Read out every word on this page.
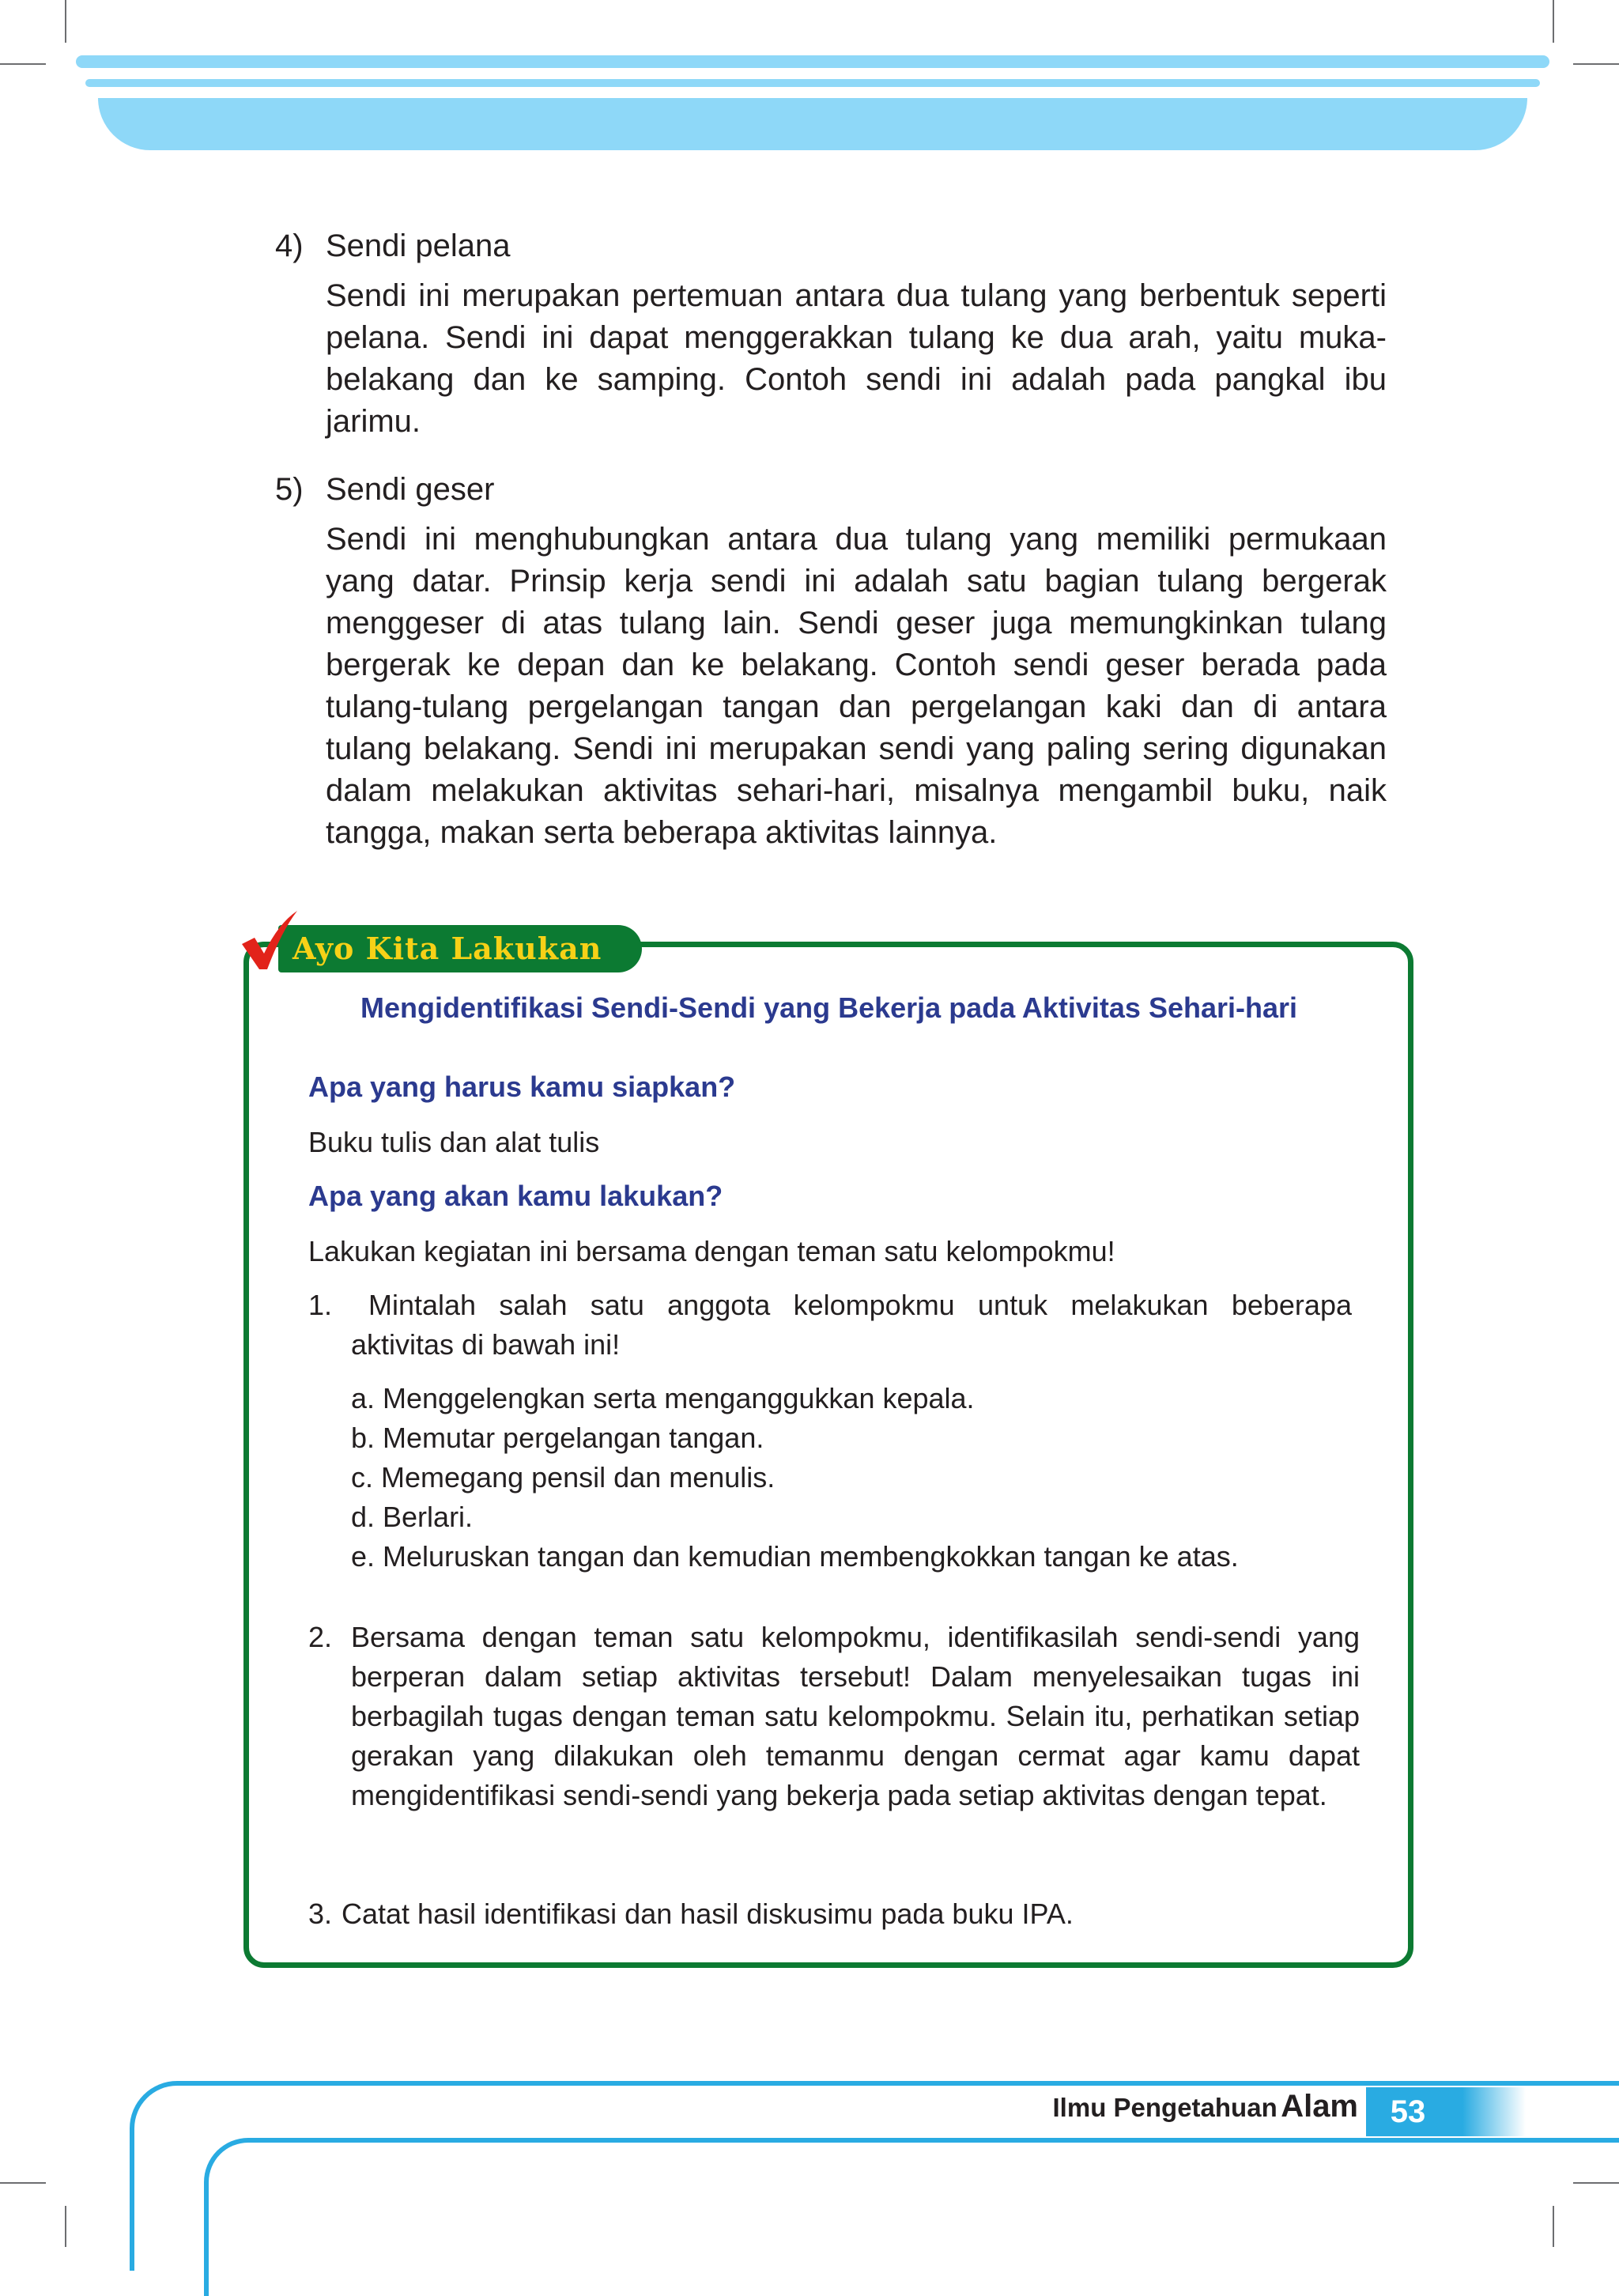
4) Sendi pelana
Sendi ini merupakan pertemuan antara dua tulang yang berbentuk seperti pelana. Sendi ini dapat menggerakkan tulang ke dua arah, yaitu muka-belakang dan ke samping. Contoh sendi ini adalah pada pangkal ibu jarimu.
5) Sendi geser
Sendi ini menghubungkan antara dua tulang yang memiliki permukaan yang datar. Prinsip kerja sendi ini adalah satu bagian tulang bergerak menggeser di atas tulang lain. Sendi geser juga memungkinkan tulang bergerak ke depan dan ke belakang. Contoh sendi geser berada pada tulang-tulang pergelangan tangan dan pergelangan kaki dan di antara tulang belakang. Sendi ini merupakan sendi yang paling sering digunakan dalam melakukan aktivitas sehari-hari, misalnya mengambil buku, naik tangga, makan serta beberapa aktivitas lainnya.
Ayo Kita Lakukan
Mengidentifikasi Sendi-Sendi yang Bekerja pada Aktivitas Sehari-hari
Apa yang harus kamu siapkan?
Buku tulis dan alat tulis
Apa yang akan kamu lakukan?
Lakukan kegiatan ini bersama dengan teman satu kelompokmu!
1.	Mintalah salah satu anggota kelompokmu untuk melakukan beberapa aktivitas di bawah ini!
a. Menggelengkan serta menganggukkan kepala.
b. Memutar pergelangan tangan.
c. Memegang pensil dan menulis.
d. Berlari.
e. Meluruskan tangan dan kemudian membengkokkan tangan ke atas.
2. Bersama dengan teman satu kelompokmu, identifikasilah sendi-sendi yang berperan dalam setiap aktivitas tersebut! Dalam menyelesaikan tugas ini berbagilah tugas dengan teman satu kelompokmu. Selain itu, perhatikan setiap gerakan yang dilakukan oleh temanmu dengan cermat agar kamu dapat mengidentifikasi sendi-sendi yang bekerja pada setiap aktivitas dengan tepat.
3. Catat hasil identifikasi dan hasil diskusimu pada buku IPA.
Ilmu Pengetahuan Alam	53
